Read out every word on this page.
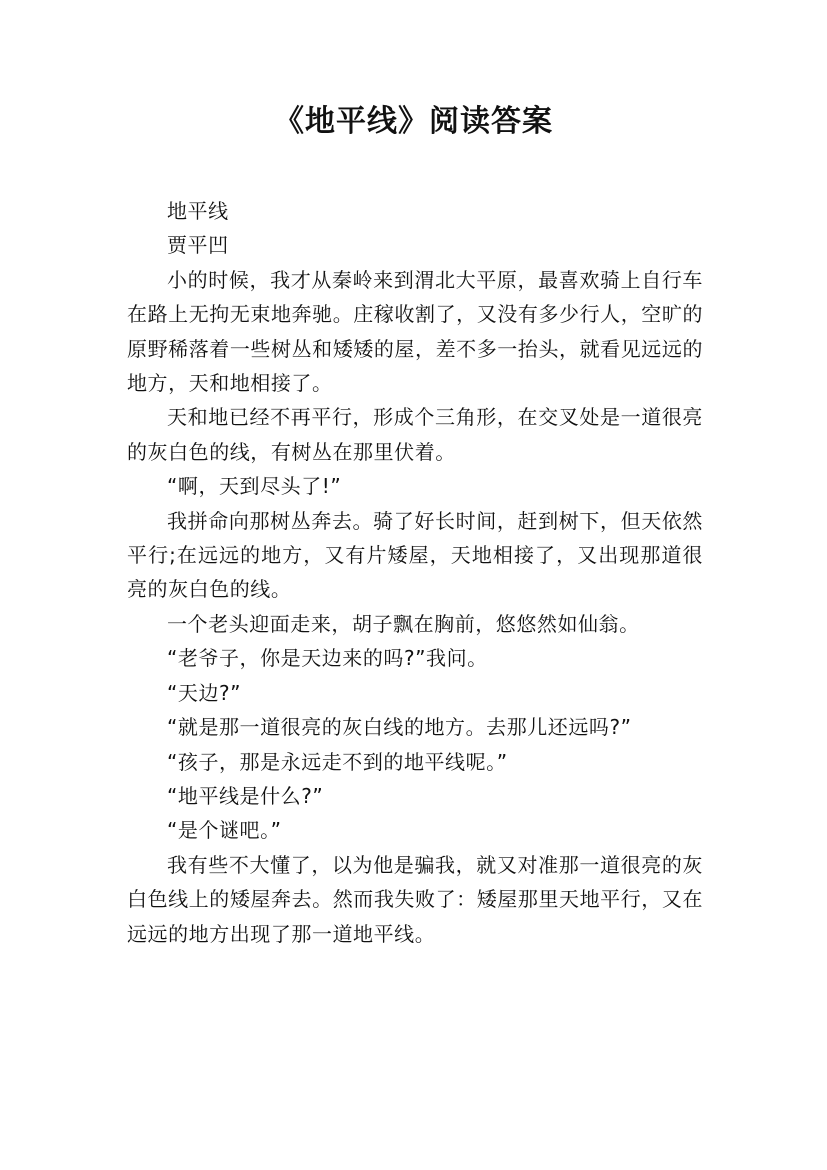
《地平线》阅读答案

地平线

贾平凹

小的时候，我才从秦岭来到渭北大平原，最喜欢骑上自行车在路上无拘无束地奔驰。庄稼收割了，又没有多少行人，空旷的原野稀落着一些树丛和矮矮的屋，差不多一抬头，就看见远远的地方，天和地相接了。

天和地已经不再平行，形成个三角形，在交叉处是一道很亮的灰白色的线，有树丛在那里伏着。

“啊，天到尽头了!”

我拼命向那树丛奔去。骑了好长时间，赶到树下，但天依然平行;在远远的地方，又有片矮屋，天地相接了，又出现那道很亮的灰白色的线。

一个老头迎面走来，胡子飘在胸前，悠悠然如仙翁。

“老爷子，你是天边来的吗?”我问。

“天边?”

“就是那一道很亮的灰白线的地方。去那儿还远吗?”

“孩子，那是永远走不到的地平线呢。”

“地平线是什么?”

“是个谜吧。”

我有些不大懂了，以为他是骗我，就又对准那一道很亮的灰白色线上的矮屋奔去。然而我失败了：矮屋那里天地平行，又在远远的地方出现了那一道地平线。
